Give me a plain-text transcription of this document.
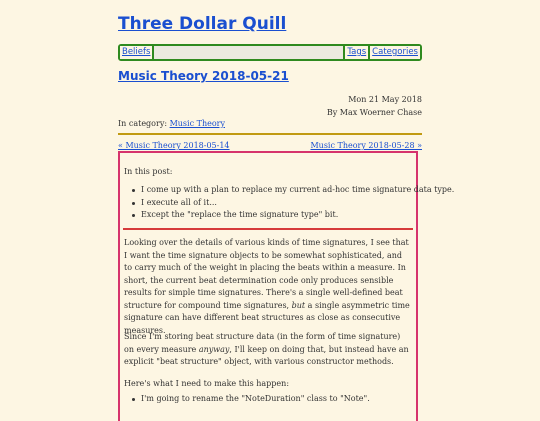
Three Dollar Quill
Beliefs	Tags Categories
Music Theory 2018-05-21
Mon 21 May 2018
By Max Woerner Chase
In category: Music Theory
« Music Theory 2018-05-14	Music Theory 2018-05-28 »

In this post:

I come up with a plan to replace my current ad-hoc time signature data type.
I execute all of it...
Except the "replace the time signature type" bit.

Looking over the details of various kinds of time signatures, I see that I want the time signature objects to be somewhat sophisticated, and to carry much of the weight in placing the beats within a measure. In short, the current beat determination code only produces sensible results for simple time signatures. There's a single well-defined beat structure for compound time signatures, but a single asymmetric time signature can have different beat structures as close as consecutive measures.

Since I'm storing beat structure data (in the form of time signature) on every measure anyway, I'll keep on doing that, but instead have an explicit "beat structure" object, with various constructor methods.

Here's what I need to make this happen:

I'm going to rename the "NoteDuration" class to "Note".
